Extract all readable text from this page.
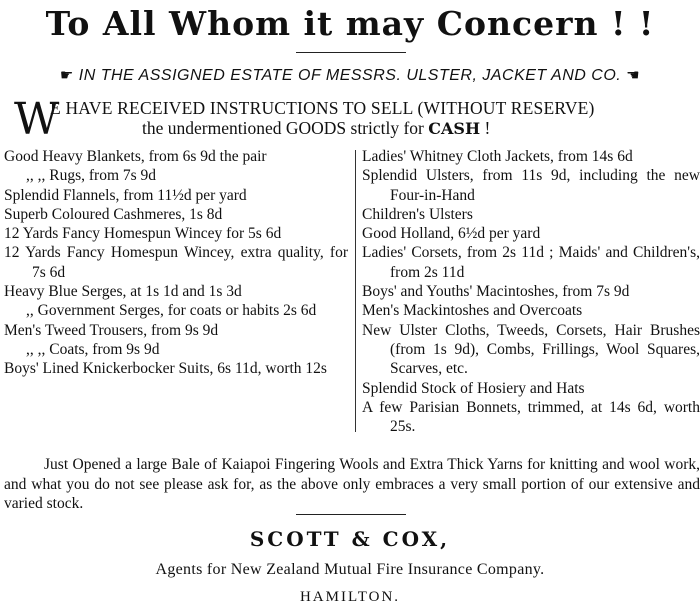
To All Whom it may Concern ! !
☛ IN THE ASSIGNED ESTATE OF MESSRS. ULSTER, JACKET AND CO. ☚
W
E HAVE RECEIVED INSTRUCTIONS TO SELL (WITHOUT RESERVE)
the undermentioned GOODS strictly for CASH !

Good Heavy Blankets, from 6s 9d the pair

,, ,, Rugs, from 7s 9d

Splendid Flannels, from 11½d per yard

Superb Coloured Cashmeres, 1s 8d

12 Yards Fancy Homespun Wincey for 5s 6d

12 Yards Fancy Homespun Wincey, extra quality, for 7s 6d

Heavy Blue Serges, at 1s 1d and 1s 3d

,, Government Serges, for coats or habits 2s 6d

Men's Tweed Trousers, from 9s 9d

,, ,, Coats, from 9s 9d

Boys' Lined Knickerbocker Suits, 6s 11d, worth 12s

Ladies' Whitney Cloth Jackets, from 14s 6d

Splendid Ulsters, from 11s 9d, including the new Four-in-Hand

Children's Ulsters

Good Holland, 6½d per yard

Ladies' Corsets, from 2s 11d ; Maids' and Children's, from 2s 11d

Boys' and Youths' Macintoshes, from 7s 9d

Men's Mackintoshes and Overcoats

New Ulster Cloths, Tweeds, Corsets, Hair Brushes (from 1s 9d), Combs, Frillings, Wool Squares, Scarves, etc.

Splendid Stock of Hosiery and Hats

A few Parisian Bonnets, trimmed, at 14s 6d, worth 25s.

Just Opened a large Bale of Kaiapoi Fingering Wools and Extra Thick Yarns for knitting and wool work, and what you do not see please ask for, as the above only embraces a very small portion of our extensive and varied stock.

SCOTT & COX,
Agents for New Zealand Mutual Fire Insurance Company.
HAMILTON.
